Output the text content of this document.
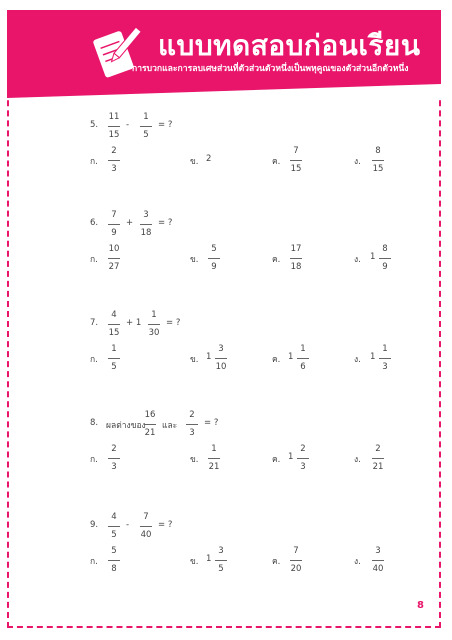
แบบทดสอบก่อนเรียน
การบวกและการลบเศษส่วนที่ตัวส่วนตัวหนึ่งเป็นพหุคูณของตัวส่วนอีกตัวหนึ่ง
5.
11
15
-
1
5
= ?
ก.
2
3
ข. 2	ค.
7
15
ง.
8
15
6.
7
9
+
3
18
= ?
ก.
10
27
ข.
5
9
ค.
17
18
ง. 1
8
9
7.
4
15
+ 1
1
30
= ?
ก.
1
5
ข. 1
3
10
ค. 1
1
6
ง. 1
1
3
8. ผลต่างของ
16
21
และ
2
3
= ?
ก.
2
3
ข.
1
21
ค. 1
2
3
ง.
2
21
9.
4
5
-
7
40
= ?
ก.
5
8
ข. 1
3
5
ค.
7
20
ง.
3
40
8
